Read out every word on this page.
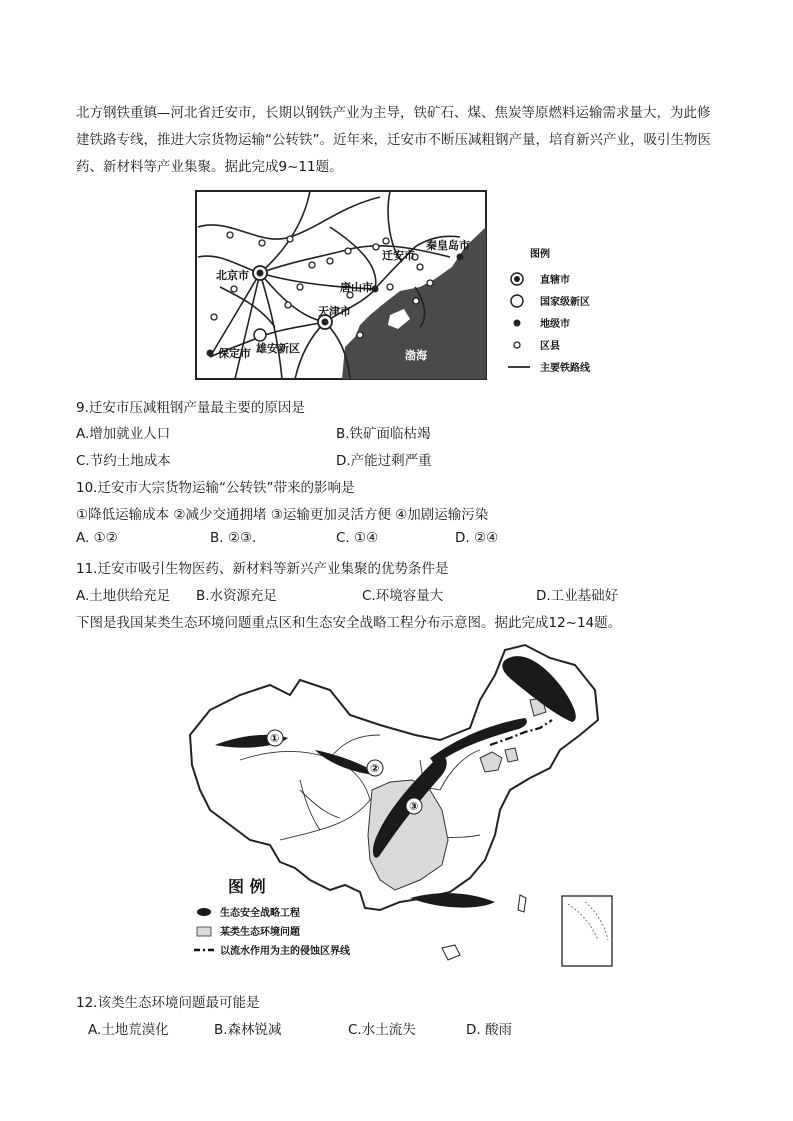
北方钢铁重镇—河北省迁安市，长期以钢铁产业为主导，铁矿石、煤、焦炭等原燃料运输需求量大，为此修建铁路专线，推进大宗货物运输“公转铁”。近年来，迁安市不断压减粗钢产量，培育新兴产业，吸引生物医药、新材料等产业集聚。据此完成9~11题。
北京市
迁安市
秦皇岛市
唐山市
天津市
保定市 雄安新区
渤海
图例
直辖市
国家级新区
地级市
区县
主要铁路线
9.迁安市压减粗钢产量最主要的原因是
A.增加就业人口	B.铁矿面临枯竭
C.节约土地成本	D.产能过剩严重
10.迁安市大宗货物运输“公转铁”带来的影响是
①降低运输成本 ②减少交通拥堵 ③运输更加灵活方便 ④加剧运输污染
A. ①②	B. ②③.	C. ①④	D. ②④
11.迁安市吸引生物医药、新材料等新兴产业集聚的优势条件是
A.土地供给充足 B.水资源充足	C.环境容量大	D.工业基础好
下图是我国某类生态环境问题重点区和生态安全战略工程分布示意图。据此完成12~14题。
①
②
③
图 例
生态安全战略工程
某类生态环境问题
以流水作用为主的侵蚀区界线
12.该类生态环境问题最可能是
A.土地荒漠化	B.森林锐减	C.水土流失	D. 酸雨
